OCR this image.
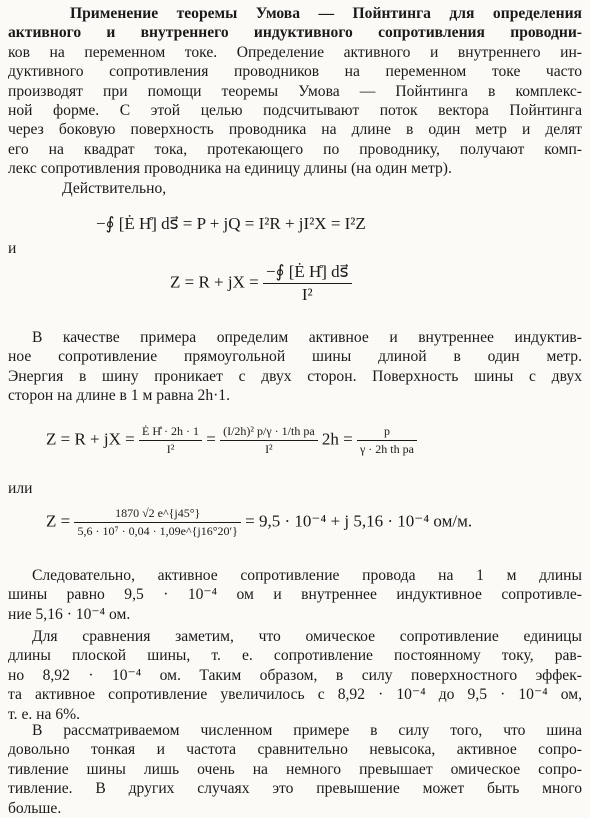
Применение теоремы Умова — Пойнтинга для определения
активного и внутреннего индуктивного сопротивления проводни-
ков на переменном токе. Определение активного и внутреннего ин-
дуктивного сопротивления проводников на переменном токе часто
производят при помощи теоремы Умова — Пойнтинга в комплекс-
ной форме. С этой целью подсчитывают поток вектора Пойнтинга
через боковую поверхность проводника на длине в один метр и делят
его на квадрат тока, протекающего по проводнику, получают комп-
лекс сопротивления проводника на единицу длины (на один метр).

Действительно,
−∮ [Ė H̊] ds⃗ = P + jQ = I²R + jI²X = I²Z
и
Z = R + jX = $\frac{\text{−∮ [Ė H̊] ds⃗}}{\text{I²}}$

В качестве примера определим активное и внутреннее индуктив-
ное сопротивление прямоугольной шины длиной в один метр.
Энергия в шину проникает с двух сторон. Поверхность шины с двух
сторон на длине в 1 м равна 2h·1.

Z = R + jX = $\frac{\text{Ė H̊ · 2h · 1}}{\text{I²}} = \frac{\text{(I/2h)² p/γ · 1/th pa}}{\text{I²}} 2h = \frac{p}{\text{γ · 2h th pa}}$
или
$Z = \frac{1870 √2 e\^{}\{j45^\circ\}}{\text{5,6 · 10⁷ · 0,04 · 1,09e\textasciicircum{}\{j16°20′\}}} = 9,5 \cdot 10^{-4} + j$ 5,16 · 10⁻⁴ ом/м.

Следовательно, активное сопротивление провода на 1 м длины
шины равно 9,5 · 10⁻⁴ ом и внутреннее индуктивное сопротивле-
ние 5,16 · 10⁻⁴ ом.

Для сравнения заметим, что омическое сопротивление единицы
длины плоской шины, т. е. сопротивление постоянному току, рав-
но 8,92 · 10⁻⁴ ом. Таким образом, в силу поверхностного эффек-
та активное сопротивление увеличилось с 8,92 · 10⁻⁴ до 9,5 · 10⁻⁴ ом,
т. е. на 6%.

В рассматриваемом численном примере в силу того, что шина
довольно тонкая и частота сравнительно невысока, активное сопро-
тивление шины лишь очень на немного превышает омическое сопро-
тивление. В других случаях это превышение может быть много
больше.
